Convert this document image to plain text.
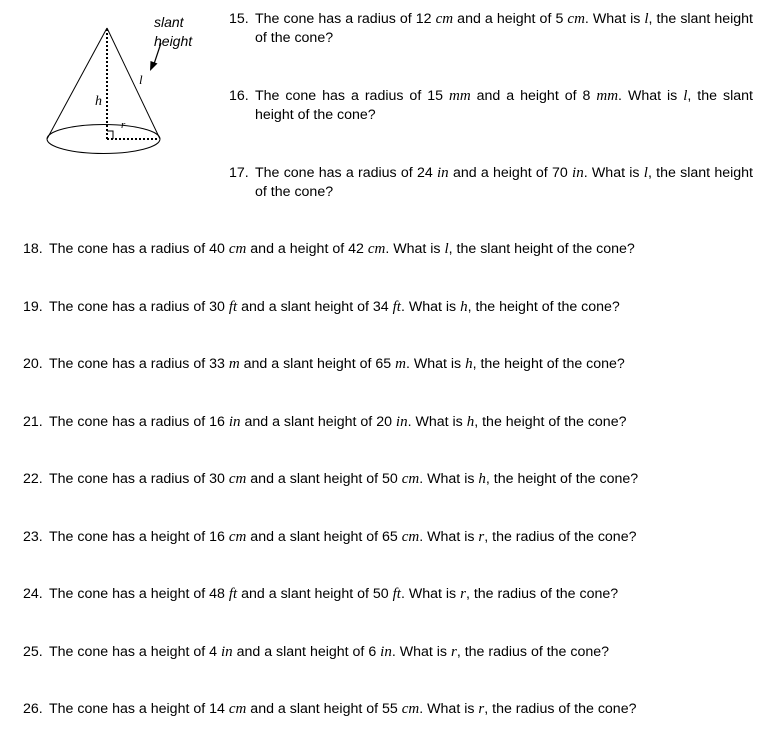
slant height
l
h
r
15. The cone has a radius of 12 cm and a height of 5 cm. What is l, the slant height of the cone?
16. The cone has a radius of 15 mm and a height of 8 mm. What is l, the slant height of the cone?
17. The cone has a radius of 24 in and a height of 70 in. What is l, the slant height of the cone?
18. The cone has a radius of 40 cm and a height of 42 cm. What is l, the slant height of the cone?
19. The cone has a radius of 30 ft and a slant height of 34 ft. What is h, the height of the cone?
20. The cone has a radius of 33 m and a slant height of 65 m. What is h, the height of the cone?
21. The cone has a radius of 16 in and a slant height of 20 in. What is h, the height of the cone?
22. The cone has a radius of 30 cm and a slant height of 50 cm. What is h, the height of the cone?
23. The cone has a height of 16 cm and a slant height of 65 cm. What is r, the radius of the cone?
24. The cone has a height of 48 ft and a slant height of 50 ft. What is r, the radius of the cone?
25. The cone has a height of 4 in and a slant height of 6 in. What is r, the radius of the cone?
26. The cone has a height of 14 cm and a slant height of 55 cm. What is r, the radius of the cone?
